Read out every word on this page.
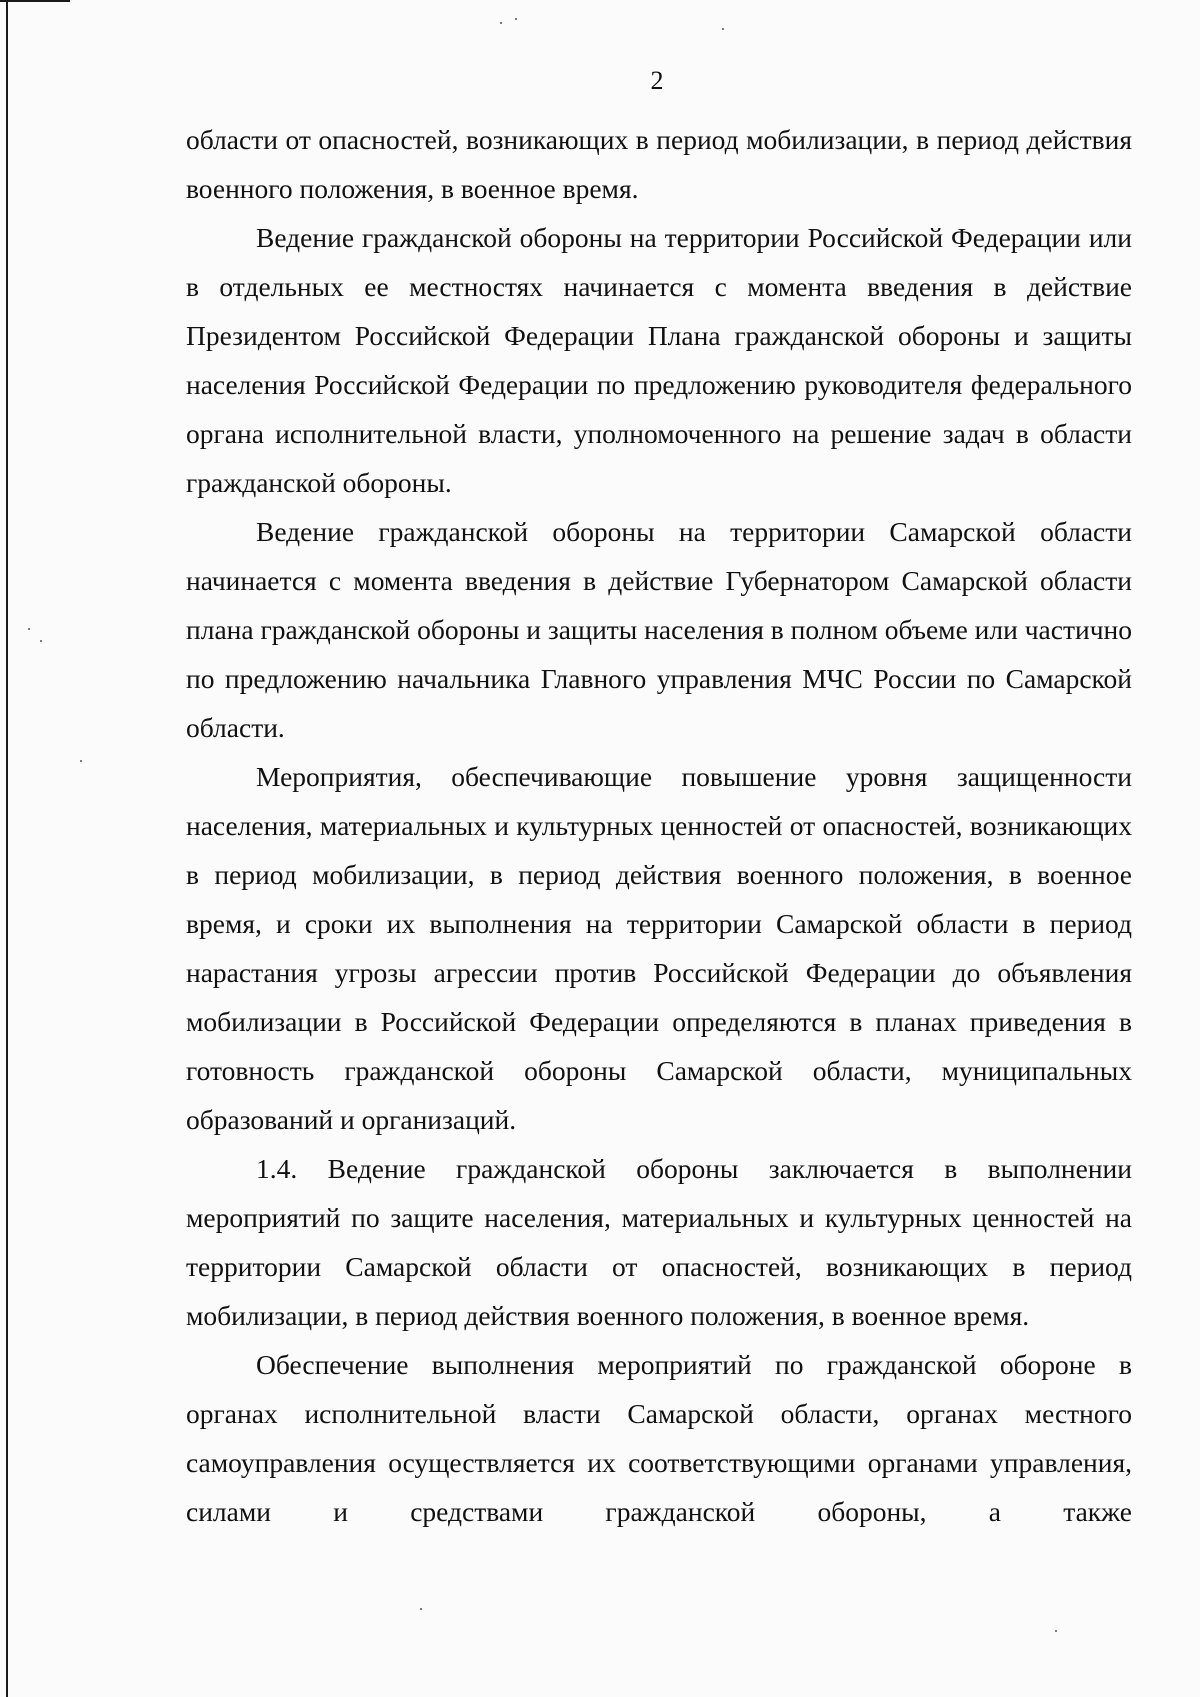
2

области от опасностей, возникающих в период мобилизации, в период действия военного положения, в военное время.

Ведение гражданской обороны на территории Российской Федерации или в отдельных ее местностях начинается с момента введения в действие Президентом Российской Федерации Плана гражданской обороны и защиты населения Российской Федерации по предложению руководителя федерального органа исполнительной власти, уполномоченного на решение задач в области гражданской обороны.

Ведение гражданской обороны на территории Самарской области начинается с момента введения в действие Губернатором Самарской области плана гражданской обороны и защиты населения в полном объеме или частично по предложению начальника Главного управления МЧС России по Самарской области.

Мероприятия, обеспечивающие повышение уровня защищенности населения, материальных и культурных ценностей от опасностей, возникающих в период мобилизации, в период действия военного положения, в военное время, и сроки их выполнения на территории Самарской области в период нарастания угрозы агрессии против Российской Федерации до объявления мобилизации в Российской Федерации определяются в планах приведения в готовность гражданской обороны Самарской области, муниципальных образований и организаций.

1.4. Ведение гражданской обороны заключается в выполнении мероприятий по защите населения, материальных и культурных ценностей на территории Самарской области от опасностей, возникающих в период мобилизации, в период действия военного положения, в военное время.

Обеспечение выполнения мероприятий по гражданской обороне в органах исполнительной власти Самарской области, органах местного самоуправления осуществляется их соответствующими органами управления, силами и средствами гражданской обороны, а также
